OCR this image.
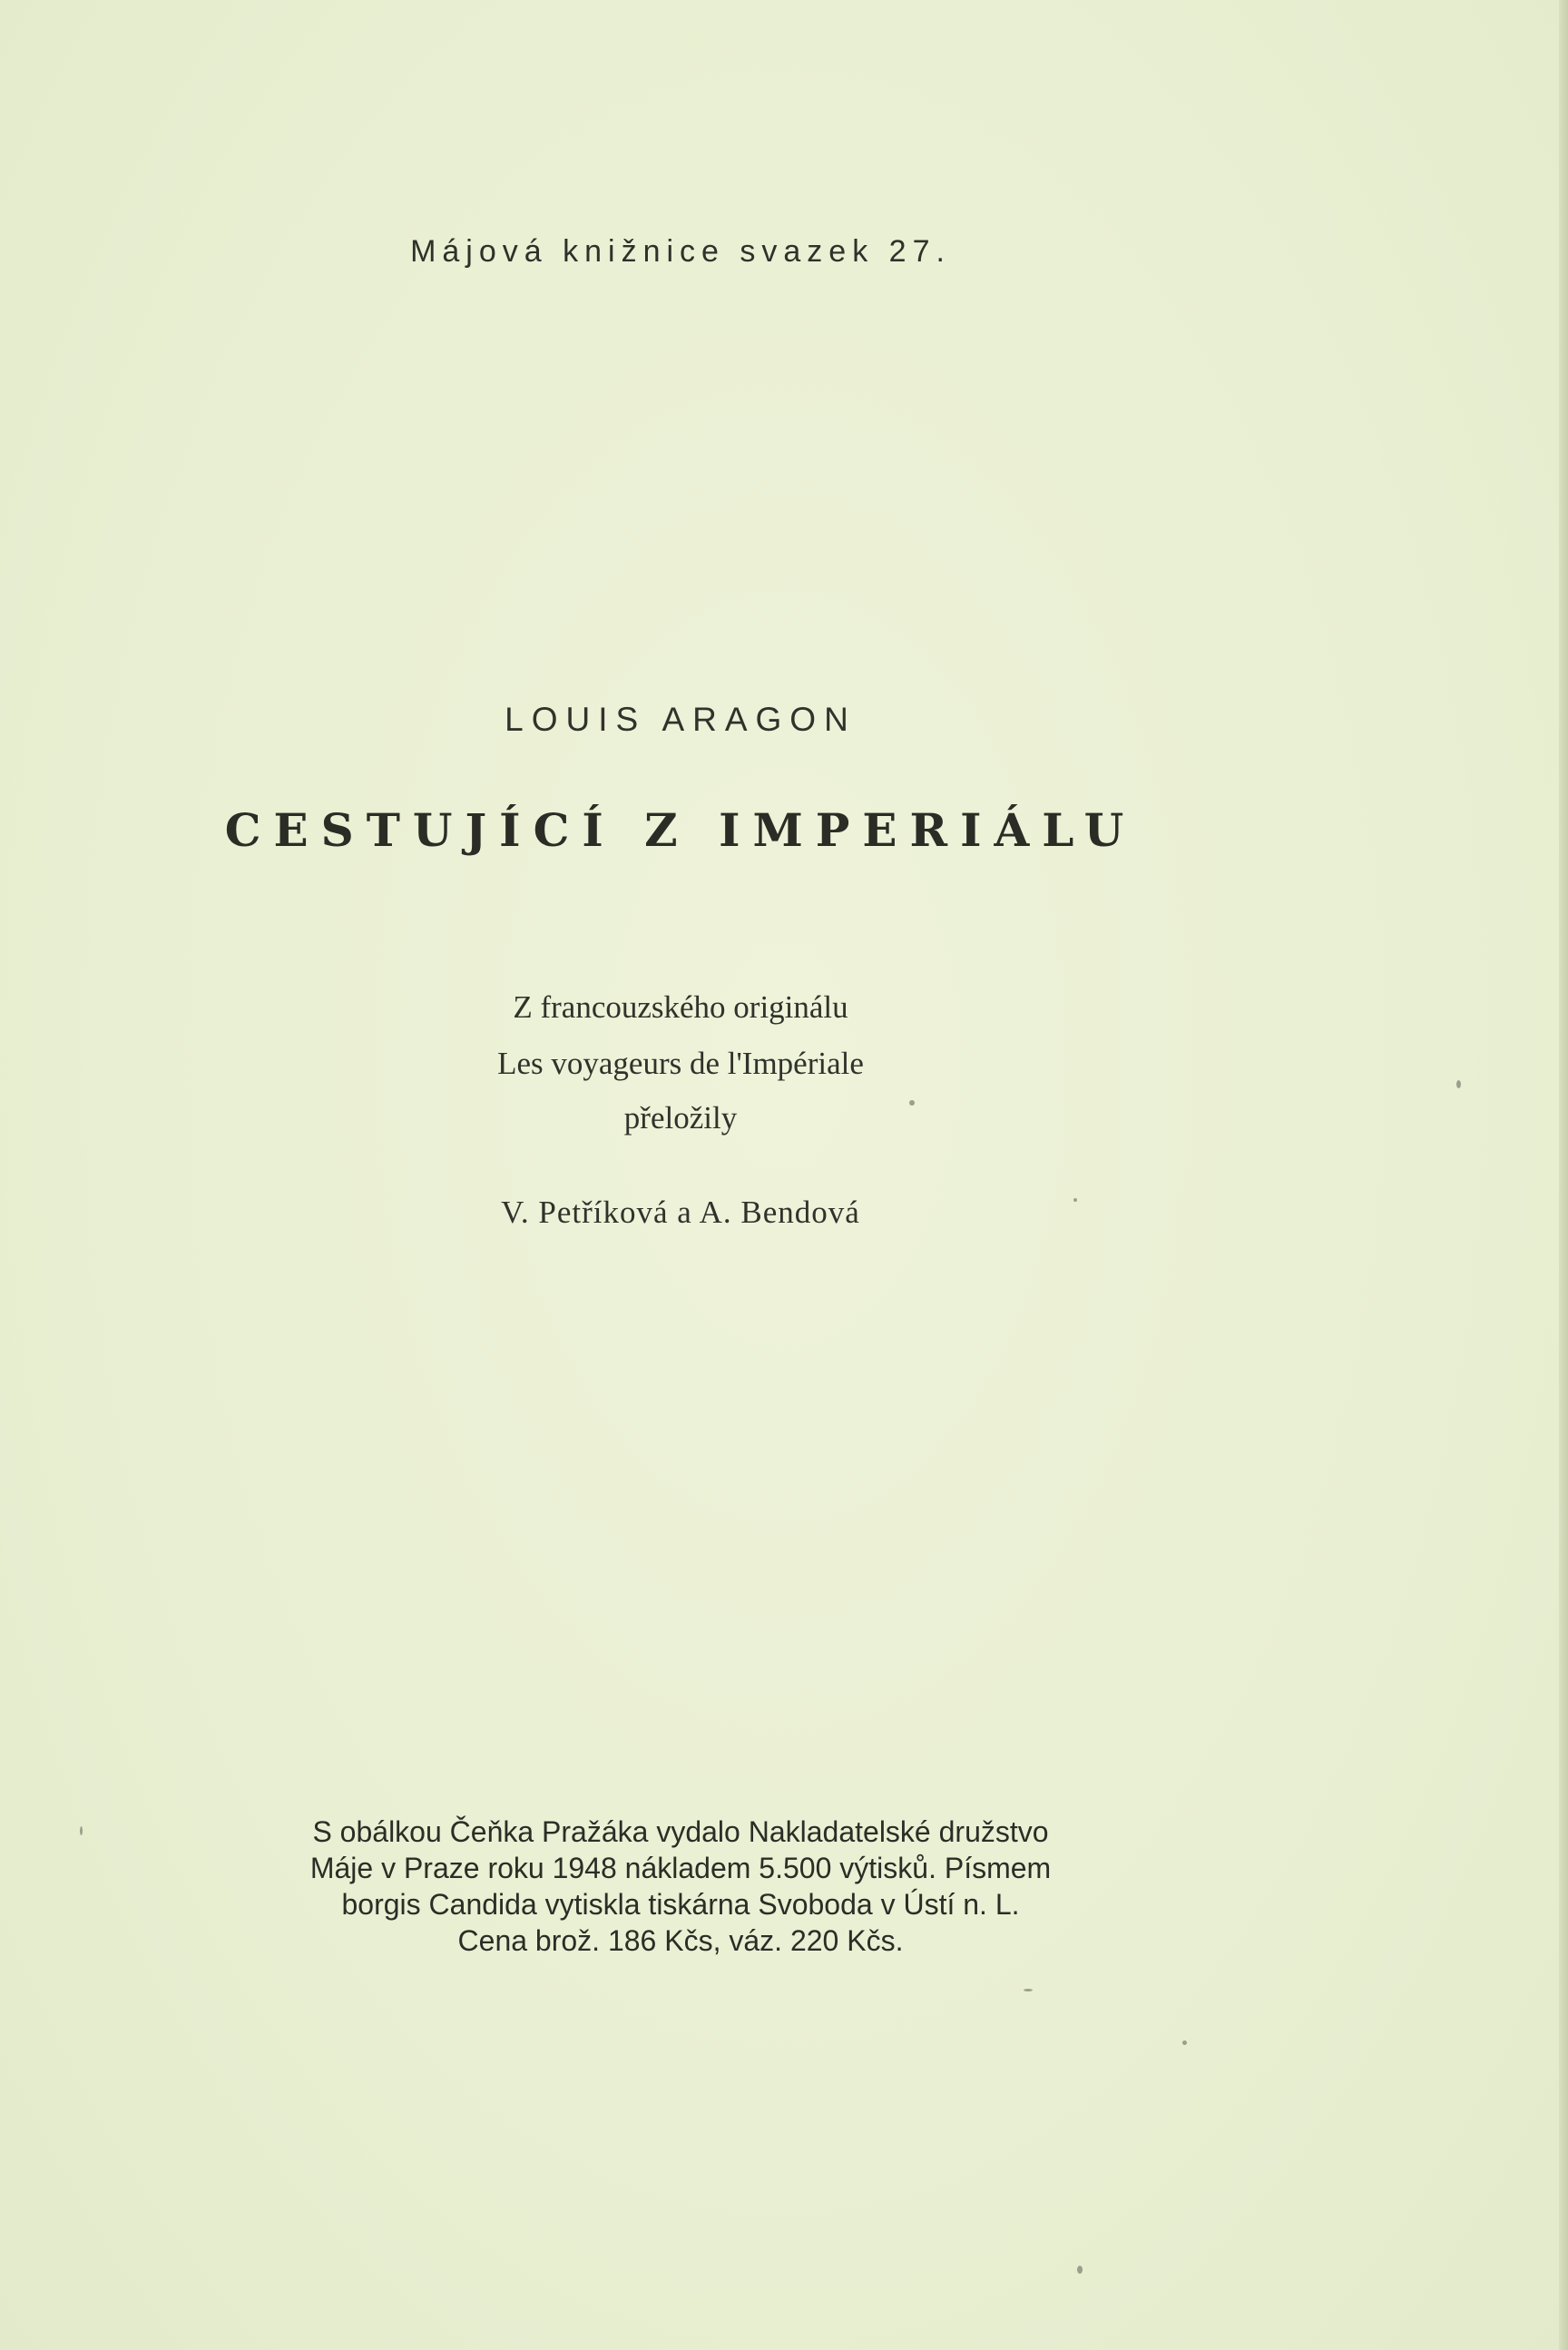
Májová knižnice svazek 27.
LOUIS ARAGON
CESTUJÍCÍ Z IMPERIÁLU
Z francouzského originálu
Les voyageurs de l'Impériale
přeložily
V. Petříková a A. Bendová
S obálkou Čeňka Pražáka vydalo Nakladatelské družstvo
Máje v Praze roku 1948 nákladem 5.500 výtisků. Písmem
borgis Candida vytiskla tiskárna Svoboda v Ústí n. L.
Cena brož. 186 Kčs, váz. 220 Kčs.
